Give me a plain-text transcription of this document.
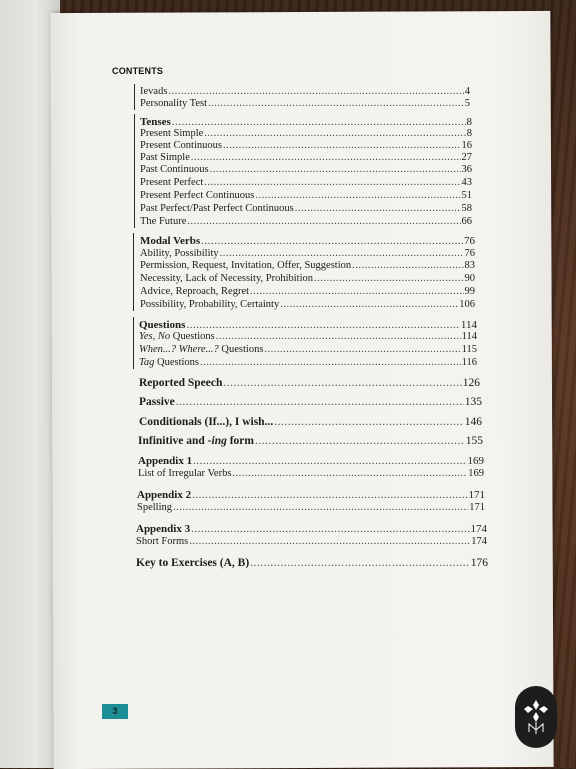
CONTENTS
Ievads .....	4
Personality Test .....	5
Tenses .....	8
Present Simple .....	8
Present Continuous .....	16
Past Simple .....	27
Past Continuous .....	36
Present Perfect .....	43
Present Perfect Continuous .....	51
Past Perfect/Past Perfect Continuous .....	58
The Future .....	66
Modal Verbs .....	76
Ability, Possibility .....	76
Permission, Request, Invitation, Offer, Suggestion .....	83
Necessity, Lack of Necessity, Prohibition .....	90
Advice, Reproach, Regret .....	99
Possibility, Probability, Certainty .....	106
Questions .....	114
Yes, No Questions .....	114
When...? Where...? Questions .....	115
Tag Questions .....	116
Reported Speech .....	126
Passive .....	135
Conditionals (If...), I wish... .....	146
Infinitive and -ing form .....	155
Appendix 1 .....	169
List of Irregular Verbs .....	169
Appendix 2 .....	171
Spelling .....	171
Appendix 3 .....	174
Short Forms .....	174
Key to Exercises (A, B) .....	176
3
